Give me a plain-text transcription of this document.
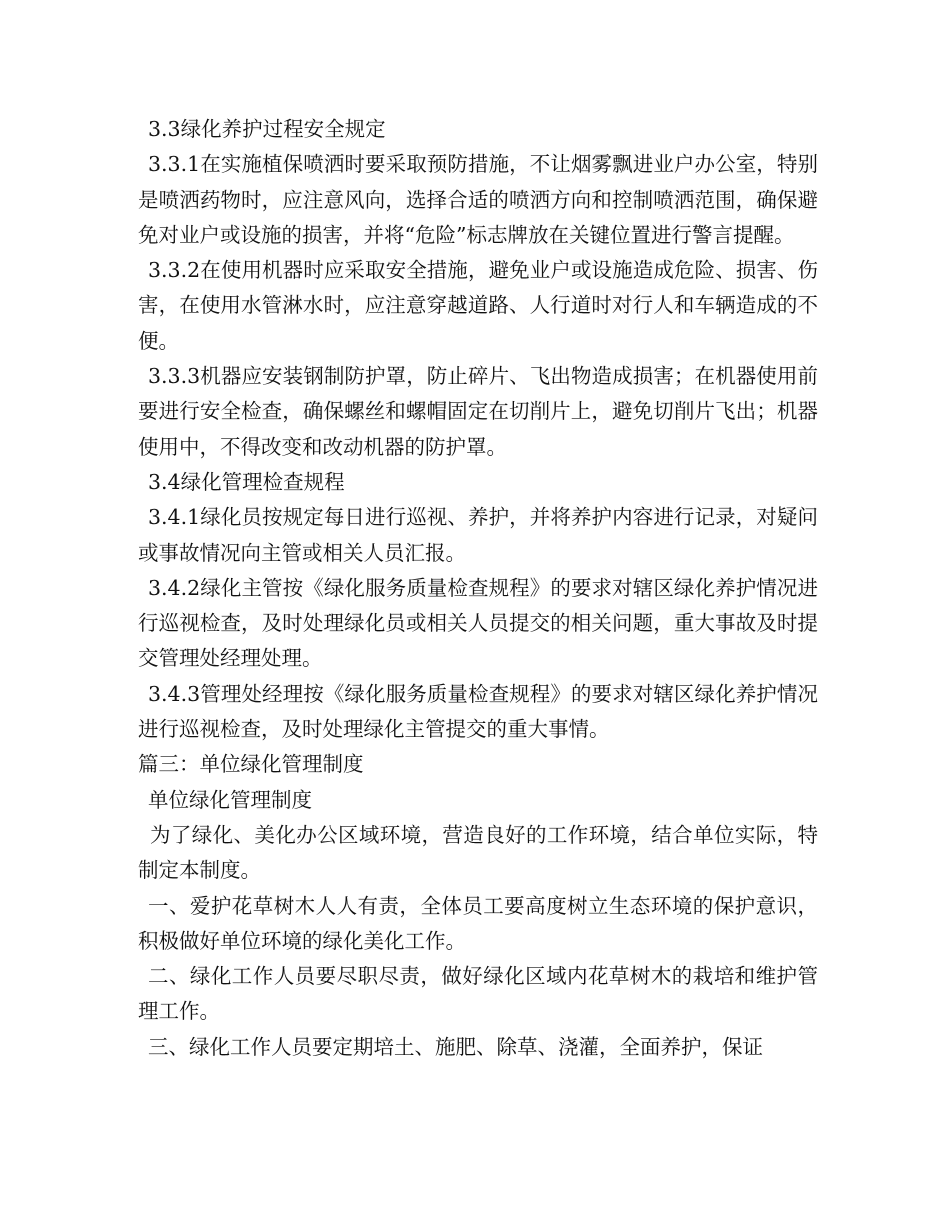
3.3绿化养护过程安全规定

3.3.1在实施植保喷洒时要采取预防措施，不让烟雾飘进业户办公室，特别是喷洒药物时，应注意风向，选择合适的喷洒方向和控制喷洒范围，确保避免对业户或设施的损害，并将“危险”标志牌放在关键位置进行警言提醒。

3.3.2在使用机器时应采取安全措施，避免业户或设施造成危险、损害、伤害，在使用水管淋水时，应注意穿越道路、人行道时对行人和车辆造成的不便。

3.3.3机器应安装钢制防护罩，防止碎片、飞出物造成损害；在机器使用前要进行安全检查，确保螺丝和螺帽固定在切削片上，避免切削片飞出；机器使用中，不得改变和改动机器的防护罩。

3.4绿化管理检查规程

3.4.1绿化员按规定每日进行巡视、养护，并将养护内容进行记录，对疑问或事故情况向主管或相关人员汇报。

3.4.2绿化主管按《绿化服务质量检查规程》的要求对辖区绿化养护情况进行巡视检查，及时处理绿化员或相关人员提交的相关问题，重大事故及时提交管理处经理处理。

3.4.3管理处经理按《绿化服务质量检查规程》的要求对辖区绿化养护情况进行巡视检查，及时处理绿化主管提交的重大事情。

篇三：单位绿化管理制度

单位绿化管理制度

为了绿化、美化办公区域环境，营造良好的工作环境，结合单位实际，特制定本制度。

一、爱护花草树木人人有责，全体员工要高度树立生态环境的保护意识，积极做好单位环境的绿化美化工作。

二、绿化工作人员要尽职尽责，做好绿化区域内花草树木的栽培和维护管理工作。

三、绿化工作人员要定期培土、施肥、除草、浇灌，全面养护，保证
